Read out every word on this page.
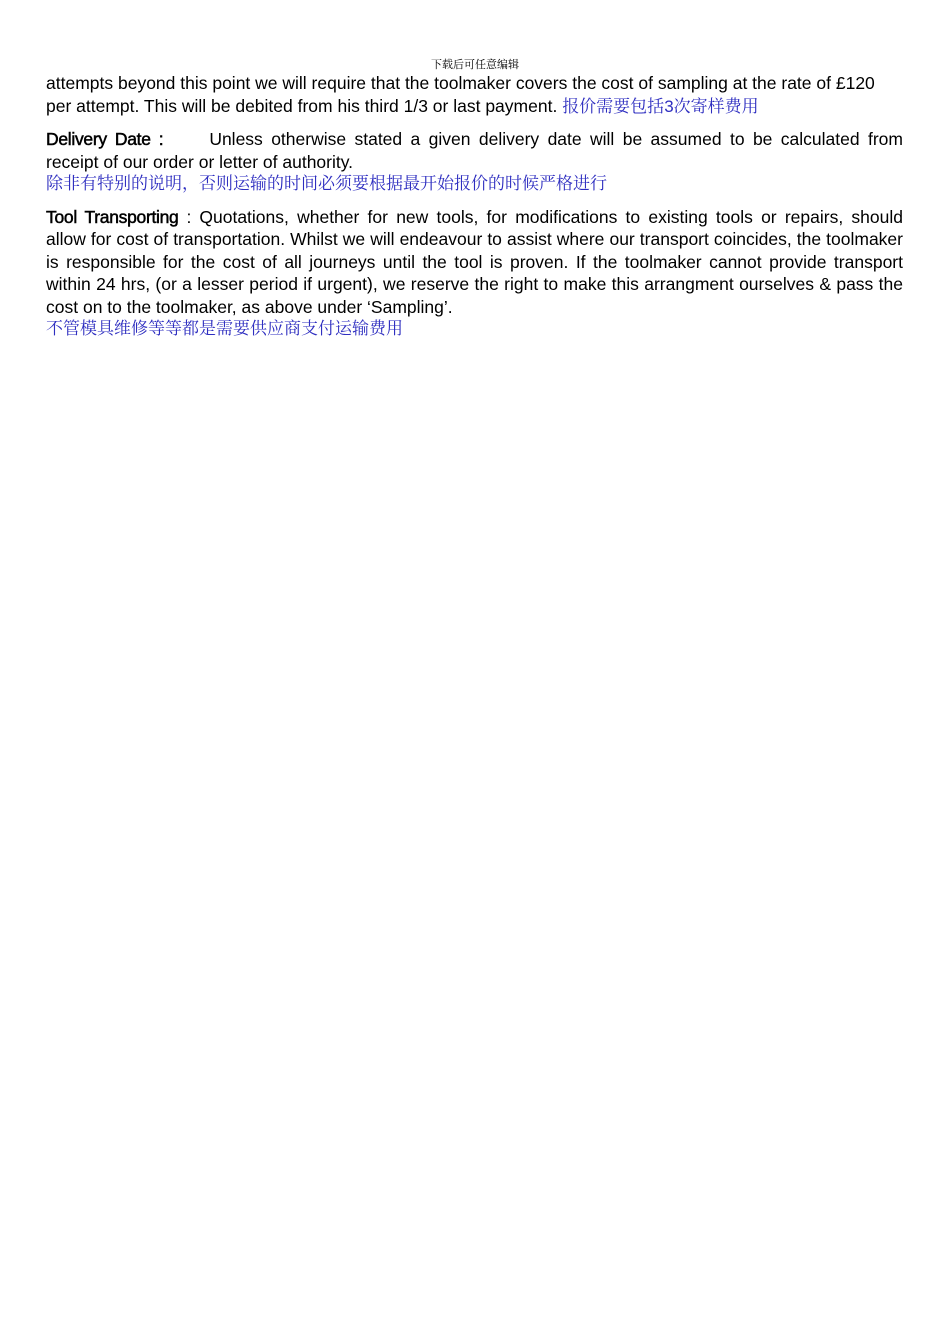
下载后可任意编辑

attempts beyond this point we will require that the toolmaker covers the cost of sampling at the rate of £120 per attempt. This will be debited from his third 1/3 or last payment. 报价需要包括3次寄样费用

Delivery Date :	Unless otherwise stated a given delivery date will be assumed to be calculated from receipt of our order or letter of authority.
除非有特别的说明，否则运输的时间必须要根据最开始报价的时候严格进行

Tool Transporting : Quotations, whether for new tools, for modifications to existing tools or repairs, should allow for cost of transportation. Whilst we will endeavour to assist where our transport coincides, the toolmaker is responsible for the cost of all journeys until the tool is proven. If the toolmaker cannot provide transport within 24 hrs, (or a lesser period if urgent), we reserve the right to make this arrangment ourselves & pass the cost on to the toolmaker, as above under ‘Sampling’.
不管模具维修等等都是需要供应商支付运输费用
